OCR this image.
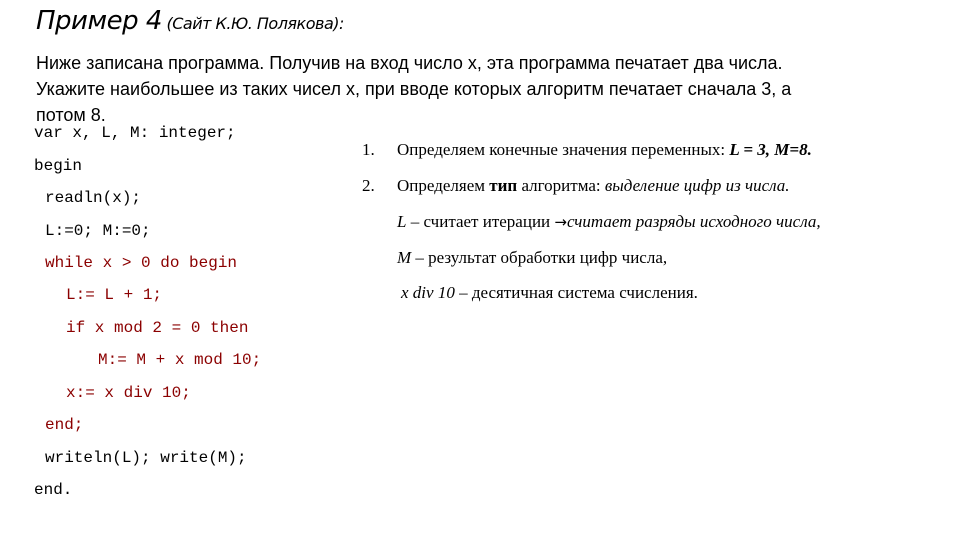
Пример 4 (Сайт К.Ю. Полякова):
Ниже записана программа. Получив на вход число x, эта программа печатает два числа. Укажите наибольшее из таких чисел x, при вводе которых алгоритм печатает сначала 3, а потом 8.
var x, L, M: integer;
begin
readln(x);
L:=0; M:=0;
while x > 0 do begin
L:= L + 1;
if x mod 2 = 0 then
M:= M + x mod 10;
x:= x div 10;
end;
writeln(L); write(M);
end.
1. Определяем конечные значения переменных: L = 3, M=8.
2. Определяем тип алгоритма: выделение цифр из числа.
L – считает итерации →считает разряды исходного числа,
M – результат обработки цифр числа,
x div 10 – десятичная система счисления.
